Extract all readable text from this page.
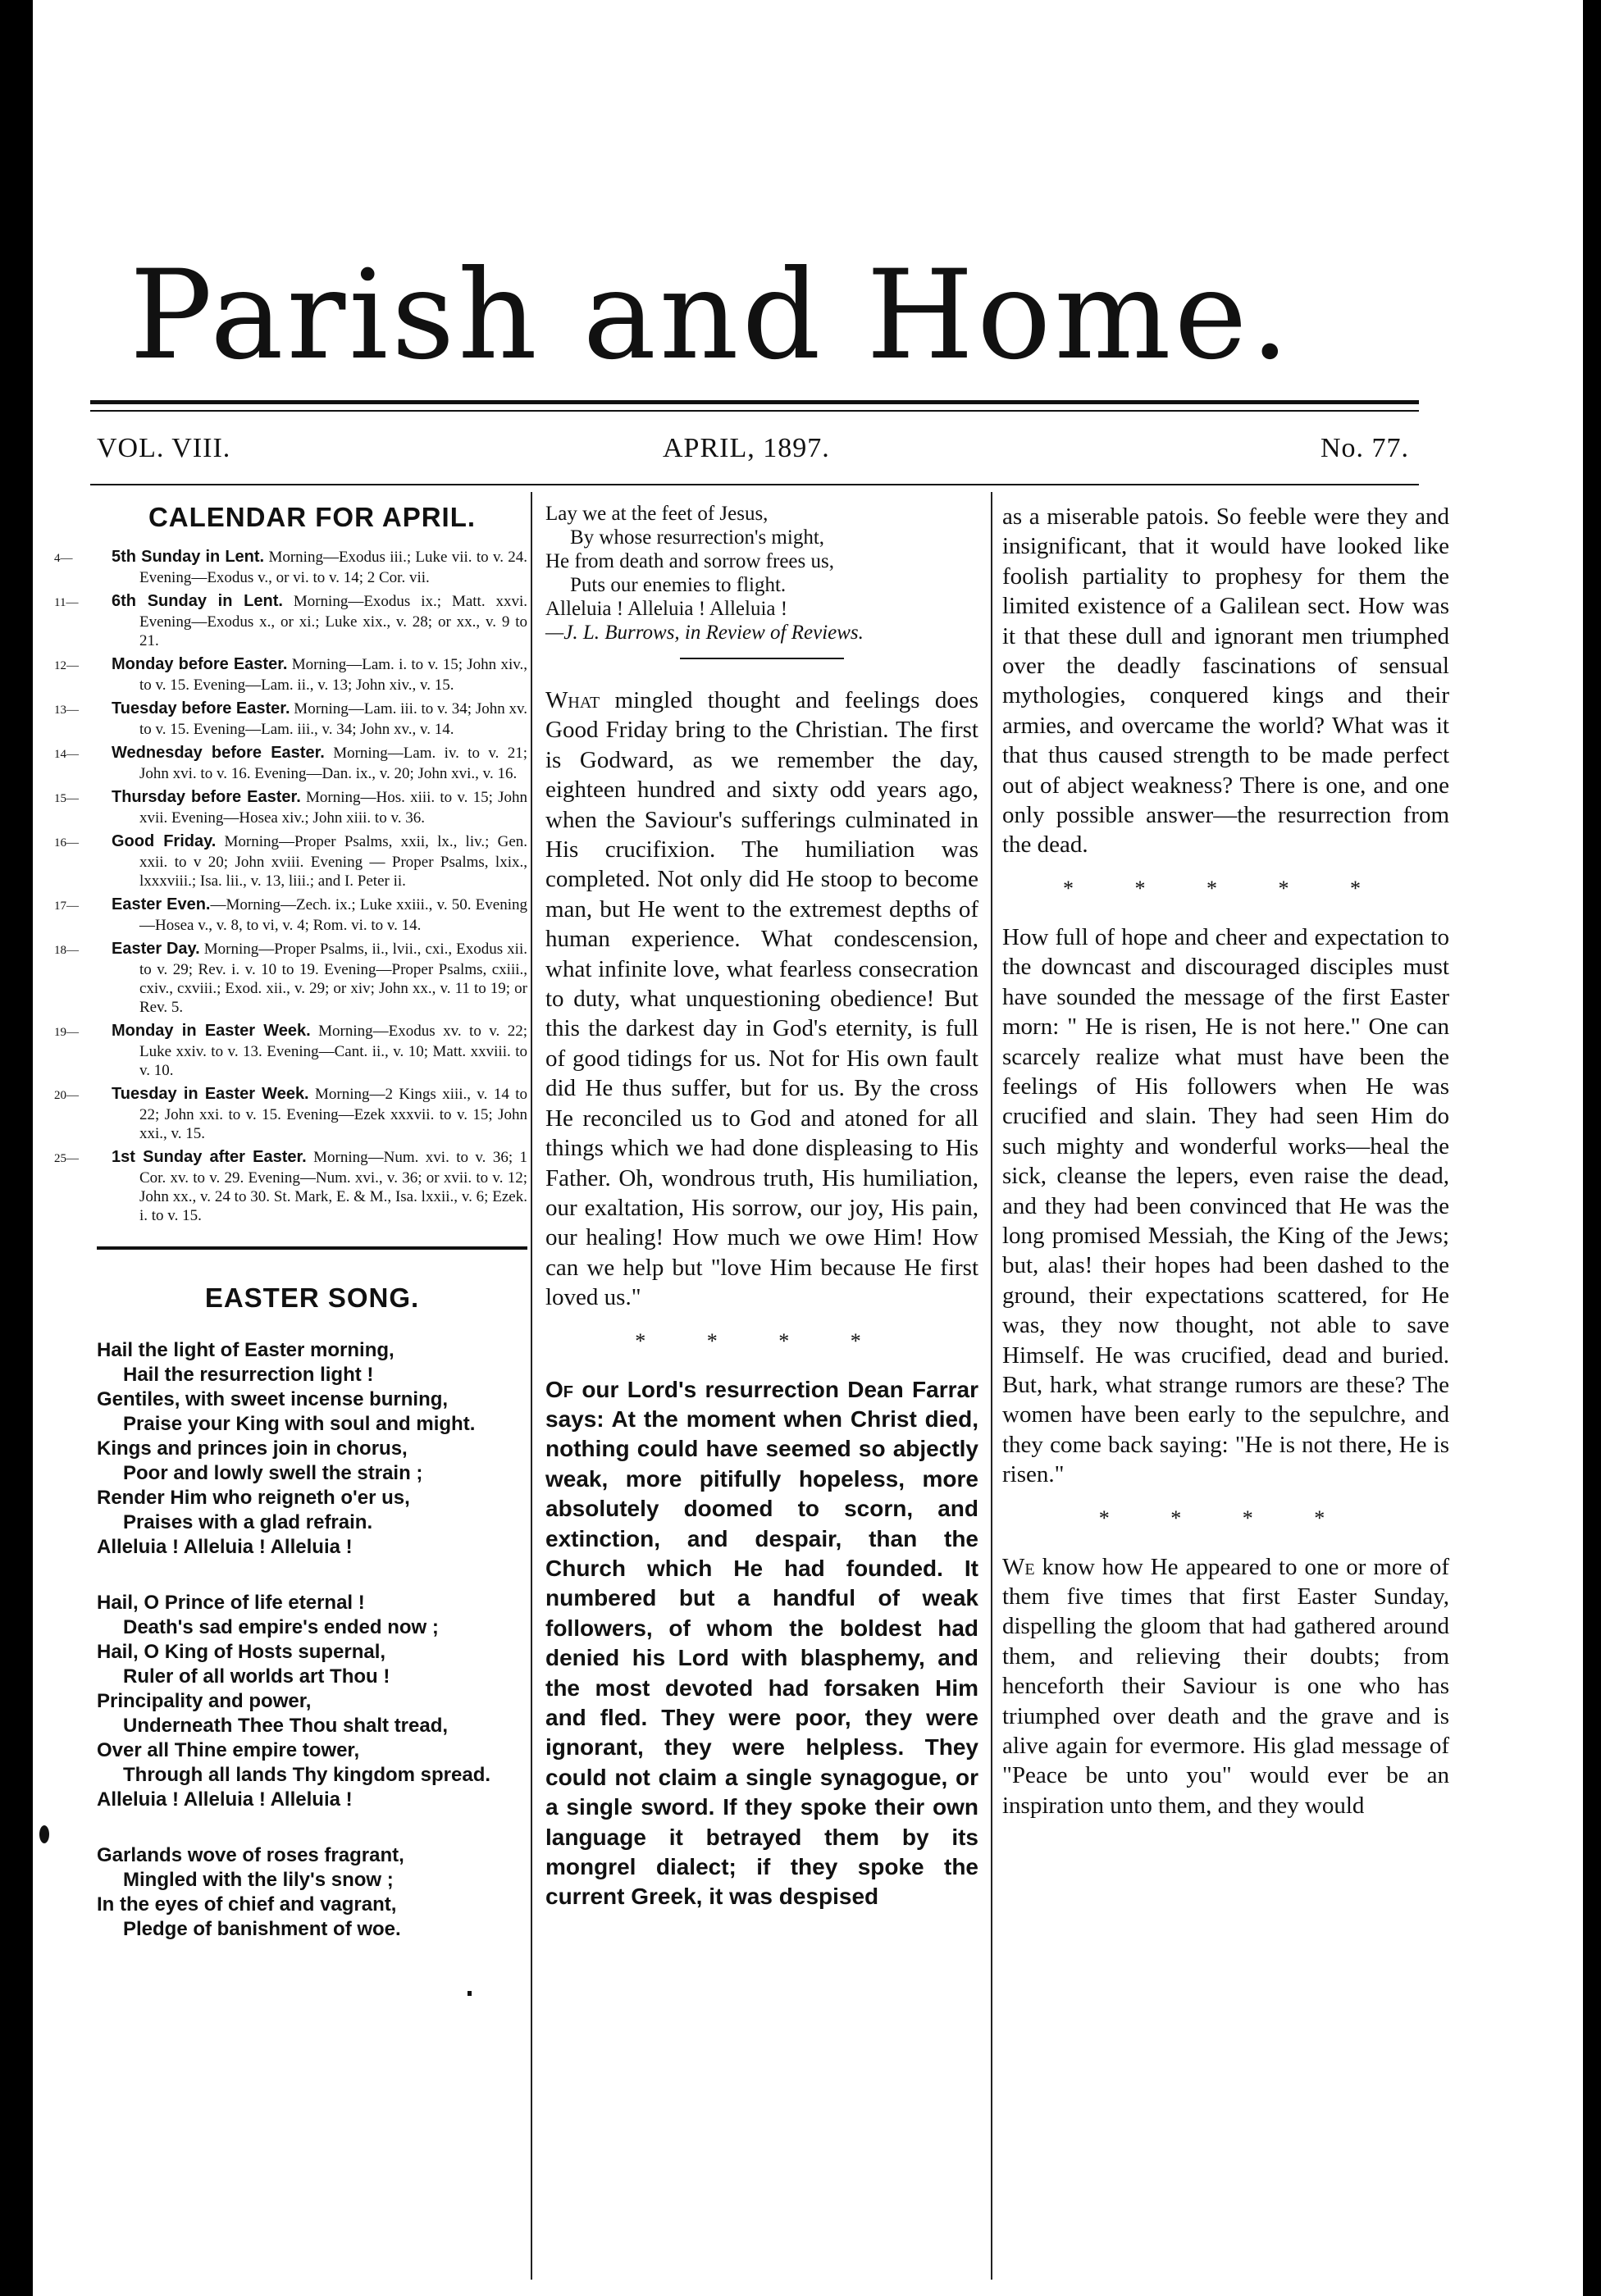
Parish and Home.
VOL. VIII.	APRIL, 1897.	No. 77.
CALENDAR FOR APRIL.
4— 5th Sunday in Lent. Morning—Exodus iii.; Luke vii. to v. 24. Evening—Exodus v., or vi. to v. 14; 2 Cor. vii.
11— 6th Sunday in Lent. Morning—Exodus ix.; Matt. xxvi. Evening—Exodus x., or xi.; Luke xix., v. 28; or xx., v. 9 to 21.
12— Monday before Easter. Morning—Lam. i. to v. 15; John xiv., to v. 15. Evening—Lam. ii., v. 13; John xiv., v. 15.
13— Tuesday before Easter. Morning—Lam. iii. to v. 34; John xv. to v. 15. Evening—Lam. iii., v. 34; John xv., v. 14.
14— Wednesday before Easter. Morning—Lam. iv. to v. 21; John xvi. to v. 16. Evening—Dan. ix., v. 20; John xvi., v. 16.
15— Thursday before Easter. Morning—Hos. xiii. to v. 15; John xvii. Evening—Hosea xiv.; John xiii. to v. 36.
16— Good Friday. Morning—Proper Psalms, xxii, lx., liv.; Gen. xxii. to v 20; John xviii. Evening — Proper Psalms, lxix., lxxxviii.; Isa. lii., v. 13, liii.; and I. Peter ii.
17— Easter Even.—Morning—Zech. ix.; Luke xxiii., v. 50. Evening—Hosea v., v. 8, to vi, v. 4; Rom. vi. to v. 14.
18— Easter Day. Morning—Proper Psalms, ii., lvii., cxi., Exodus xii. to v. 29; Rev. i. v. 10 to 19. Evening—Proper Psalms, cxiii., cxiv., cxviii.; Exod. xii., v. 29; or xiv; John xx., v. 11 to 19; or Rev. 5.
19— Monday in Easter Week. Morning—Exodus xv. to v. 22; Luke xxiv. to v. 13. Evening—Cant. ii., v. 10; Matt. xxviii. to v. 10.
20— Tuesday in Easter Week. Morning—2 Kings xiii., v. 14 to 22; John xxi. to v. 15. Evening—Ezek xxxvii. to v. 15; John xxi., v. 15.
25— 1st Sunday after Easter. Morning—Num. xvi. to v. 36; 1 Cor. xv. to v. 29. Evening—Num. xvi., v. 36; or xvii. to v. 12; John xx., v. 24 to 30. St. Mark, E. & M., Isa. lxxii., v. 6; Ezek. i. to v. 15.
EASTER SONG.
Hail the light of Easter morning,
Hail the resurrection light !
Gentiles, with sweet incense burning,
Praise your King with soul and might.
Kings and princes join in chorus,
Poor and lowly swell the strain ;
Render Him who reigneth o'er us,
Praises with a glad refrain.
Alleluia ! Alleluia ! Alleluia !
Hail, O Prince of life eternal !
Death's sad empire's ended now ;
Hail, O King of Hosts supernal,
Ruler of all worlds art Thou !
Principality and power,
Underneath Thee Thou shalt tread,
Over all Thine empire tower,
Through all lands Thy kingdom spread.
Alleluia ! Alleluia ! Alleluia !
Garlands wove of roses fragrant,
Mingled with the lily's snow ;
In the eyes of chief and vagrant,
Pledge of banishment of woe.
Lay we at the feet of Jesus,
By whose resurrection's might,
He from death and sorrow frees us,
Puts our enemies to flight.
Alleluia ! Alleluia ! Alleluia !
—J. L. Burrows, in Review of Reviews.

What mingled thought and feelings does Good Friday bring to the Christian. The first is Godward, as we remember the day, eighteen hundred and sixty odd years ago, when the Saviour's sufferings culminated in His crucifixion. The humiliation was completed. Not only did He stoop to become man, but He went to the extremest depths of human experience. What condescension, what infinite love, what fearless consecration to duty, what unquestioning obedience! But this the darkest day in God's eternity, is full of good tidings for us. Not for His own fault did He thus suffer, but for us. By the cross He reconciled us to God and atoned for all things which we had done displeasing to His Father. Oh, wondrous truth, His humiliation, our exaltation, His sorrow, our joy, His pain, our healing! How much we owe Him! How can we help but "love Him because He first loved us."

* * * *

Of our Lord's resurrection Dean Farrar says: At the moment when Christ died, nothing could have seemed so abjectly weak, more pitifully hopeless, more absolutely doomed to scorn, and extinction, and despair, than the Church which He had founded. It numbered but a handful of weak followers, of whom the boldest had denied his Lord with blasphemy, and the most devoted had forsaken Him and fled. They were poor, they were ignorant, they were helpless. They could not claim a single synagogue, or a single sword. If they spoke their own language it betrayed them by its mongrel dialect; if they spoke the current Greek, it was despised

as a miserable patois. So feeble were they and insignificant, that it would have looked like foolish partiality to prophesy for them the limited existence of a Galilean sect. How was it that these dull and ignorant men triumphed over the deadly fascinations of sensual mythologies, conquered kings and their armies, and overcame the world? What was it that thus caused strength to be made perfect out of abject weakness? There is one, and one only possible answer—the resurrection from the dead.

* * * * *

How full of hope and cheer and expectation to the downcast and discouraged disciples must have sounded the message of the first Easter morn: " He is risen, He is not here." One can scarcely realize what must have been the feelings of His followers when He was crucified and slain. They had seen Him do such mighty and wonderful works—heal the sick, cleanse the lepers, even raise the dead, and they had been convinced that He was the long promised Messiah, the King of the Jews; but, alas! their hopes had been dashed to the ground, their expectations scattered, for He was, they now thought, not able to save Himself. He was crucified, dead and buried. But, hark, what strange rumors are these? The women have been early to the sepulchre, and they come back saying: "He is not there, He is risen."

* * * *

We know how He appeared to one or more of them five times that first Easter Sunday, dispelling the gloom that had gathered around them, and relieving their doubts; from henceforth their Saviour is one who has triumphed over death and the grave and is alive again for evermore. His glad message of "Peace be unto you" would ever be an inspiration unto them, and they would
